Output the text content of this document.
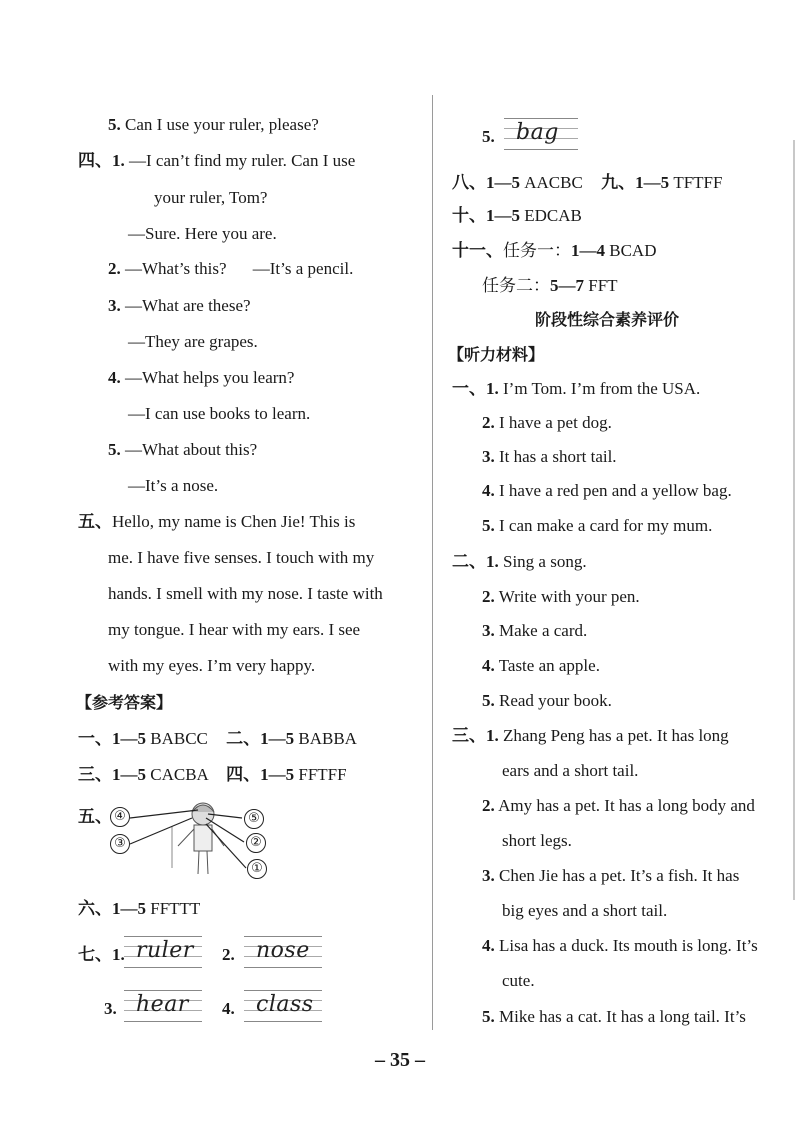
5. Can I use your ruler, please?
四、1. —I can’t find my ruler. Can I use
your ruler, Tom?
—Sure. Here you are.
2. —What’s this? —It’s a pencil.
3. —What are these?
—They are grapes.
4. —What helps you learn?
—I can use books to learn.
5. —What about this?
—It’s a nose.
五、Hello, my name is Chen Jie! This is
me. I have five senses. I touch with my
hands. I smell with my nose. I taste with
my tongue. I hear with my ears. I see
with my eyes. I’m very happy.
【参考答案】
一、1—5 BABCC 二、1—5 BABBA
三、1—5 CACBA 四、1—5 FFTFF
五、 ④	⑤
③	②
①
六、1—5 FFTTT
七、1. ruler 2. nose
3. hear 4. class
5. bag
八、1—5 AACBC 九、1—5 TFTFF
十、1—5 EDCAB
十一、任务一：1—4 BCAD
任务二：5—7 FFT
阶段性综合素养评价
【听力材料】
一、1. I’m Tom. I’m from the USA.
2. I have a pet dog.
3. It has a short tail.
4. I have a red pen and a yellow bag.
5. I can make a card for my mum.
二、1. Sing a song.
2. Write with your pen.
3. Make a card.
4. Taste an apple.
5. Read your book.
三、1. Zhang Peng has a pet. It has long
ears and a short tail.
2. Amy has a pet. It has a long body and
short legs.
3. Chen Jie has a pet. It’s a fish. It has
big eyes and a short tail.
4. Lisa has a duck. Its mouth is long. It’s
cute.
5. Mike has a cat. It has a long tail. It’s
– 35 –
